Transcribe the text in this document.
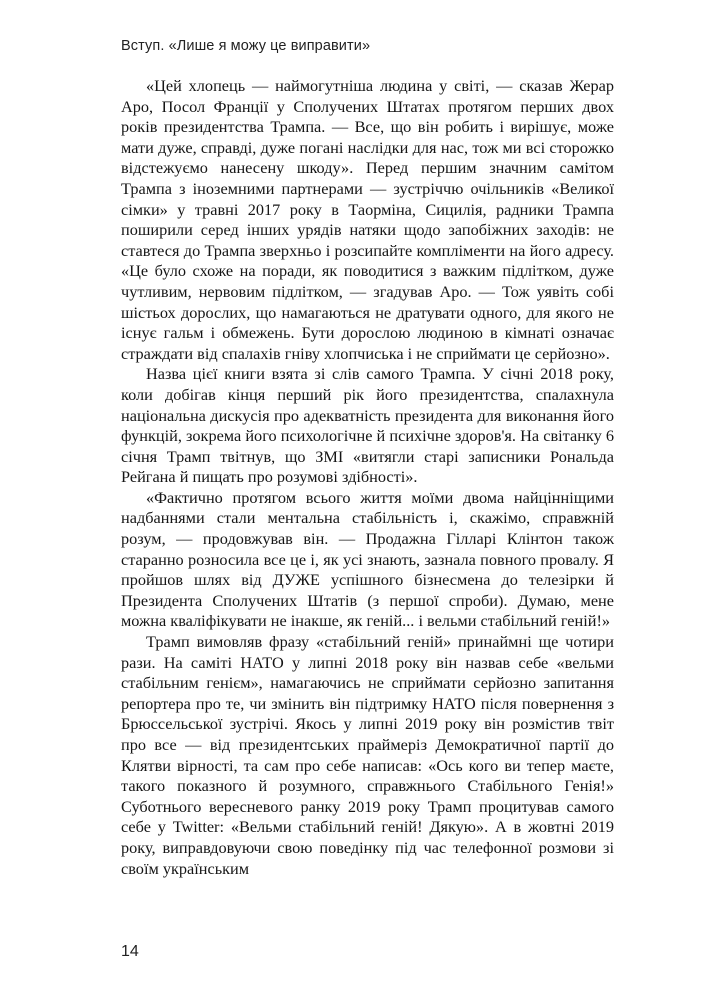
Вступ. «Лише я можу це виправити»

«Цей хлопець — наймогутніша людина у світі, — сказав Жерар Аро, Посол Франції у Сполучених Штатах протягом перших двох років президентства Трампа. — Все, що він робить і вирішує, може мати дуже, справді, дуже погані наслідки для нас, тож ми всі сторожко відстежуємо нанесену шкоду». Перед першим значним самітом Трампа з іноземними партнерами — зустріччю очільників «Великої сімки» у травні 2017 року в Таорміна, Сицилія, радники Трампа поширили серед інших урядів натяки щодо запобіжних заходів: не ставтеся до Трампа зверхньо і розсипайте компліменти на його адресу. «Це було схоже на поради, як поводитися з важким підлітком, дуже чутливим, нервовим підлітком, — згадував Аро. — Тож уявіть собі шістьох дорослих, що намагаються не дратувати одного, для якого не існує гальм і обмежень. Бути дорослою людиною в кімнаті означає страждати від спалахів гніву хлопчиська і не сприймати це серйозно».

Назва цієї книги взята зі слів самого Трампа. У січні 2018 року, коли добігав кінця перший рік його президентства, спалахнула національна дискусія про адекватність президента для виконання його функцій, зокрема його психологічне й психічне здоров'я. На світанку 6 січня Трамп твітнув, що ЗМІ «витягли старі записники Рональда Рейгана й пищать про розумові здібності».

«Фактично протягом всього життя моїми двома найцінніщими надбаннями стали ментальна стабільність і, скажімо, справжній розум, — продовжував він. — Продажна Гілларі Клінтон також старанно розносила все це і, як усі знають, зазнала повного провалу. Я пройшов шлях від ДУЖЕ успішного бізнесмена до телезірки й Президента Сполучених Штатів (з першої спроби). Думаю, мене можна кваліфікувати не інакше, як геній... і вельми стабільний геній!»

Трамп вимовляв фразу «стабільний геній» принаймні ще чотири рази. На саміті НАТО у липні 2018 року він назвав себе «вельми стабільним генієм», намагаючись не сприймати серйозно запитання репортера про те, чи змінить він підтримку НАТО після повернення з Брюссельської зустрічі. Якось у липні 2019 року він розмістив твіт про все — від президентських праймеріз Демократичної партії до Клятви вірності, та сам про себе написав: «Ось кого ви тепер маєте, такого показного й розумного, справжнього Стабільного Генія!» Суботнього вересневого ранку 2019 року Трамп процитував самого себе у Twitter: «Вельми стабільний геній! Дякую». А в жовтні 2019 року, виправдовуючи свою поведінку під час телефонної розмови зі своїм українським

14
